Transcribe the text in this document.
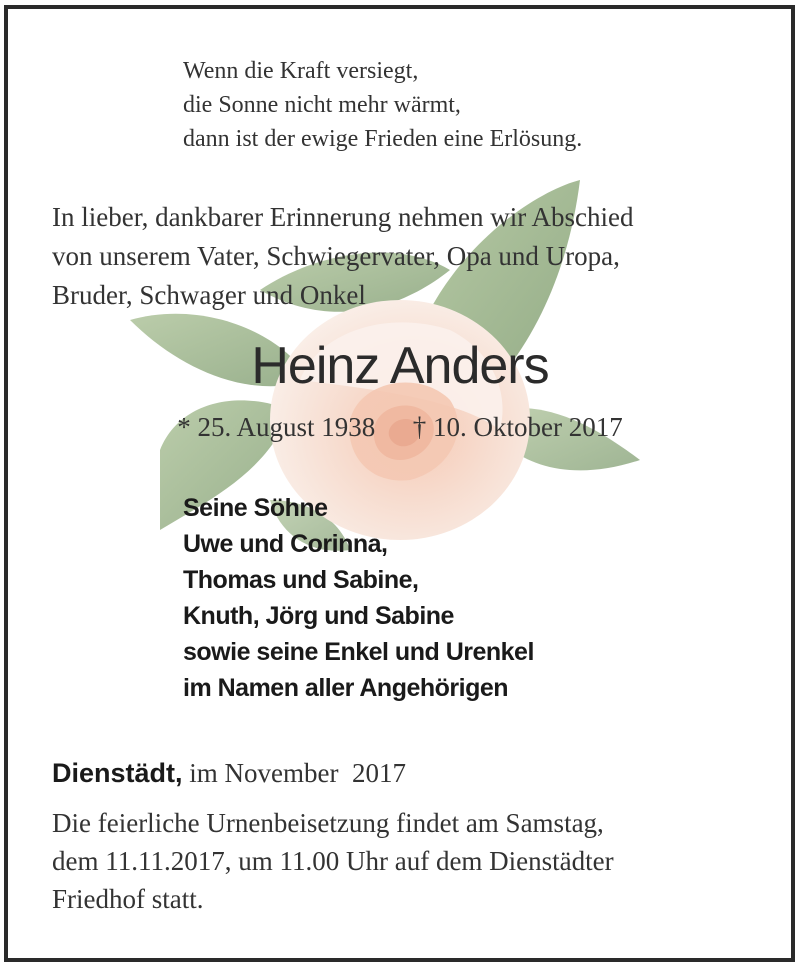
Wenn die Kraft versiegt,
die Sonne nicht mehr wärmt,
dann ist der ewige Frieden eine Erlösung.
In lieber, dankbarer Erinnerung nehmen wir Abschied
von unserem Vater, Schwiegervater, Opa und Uropa,
Bruder, Schwager und Onkel
Heinz Anders
* 25. August 1938 † 10. Oktober 2017
Seine Söhne
Uwe und Corinna,
Thomas und Sabine,
Knuth, Jörg und Sabine
sowie seine Enkel und Urenkel
im Namen aller Angehörigen
Dienstädt, im November  2017
Die feierliche Urnenbeisetzung findet am Samstag,
dem 11.11.2017, um 11.00 Uhr auf dem Dienstädter
Friedhof statt.
